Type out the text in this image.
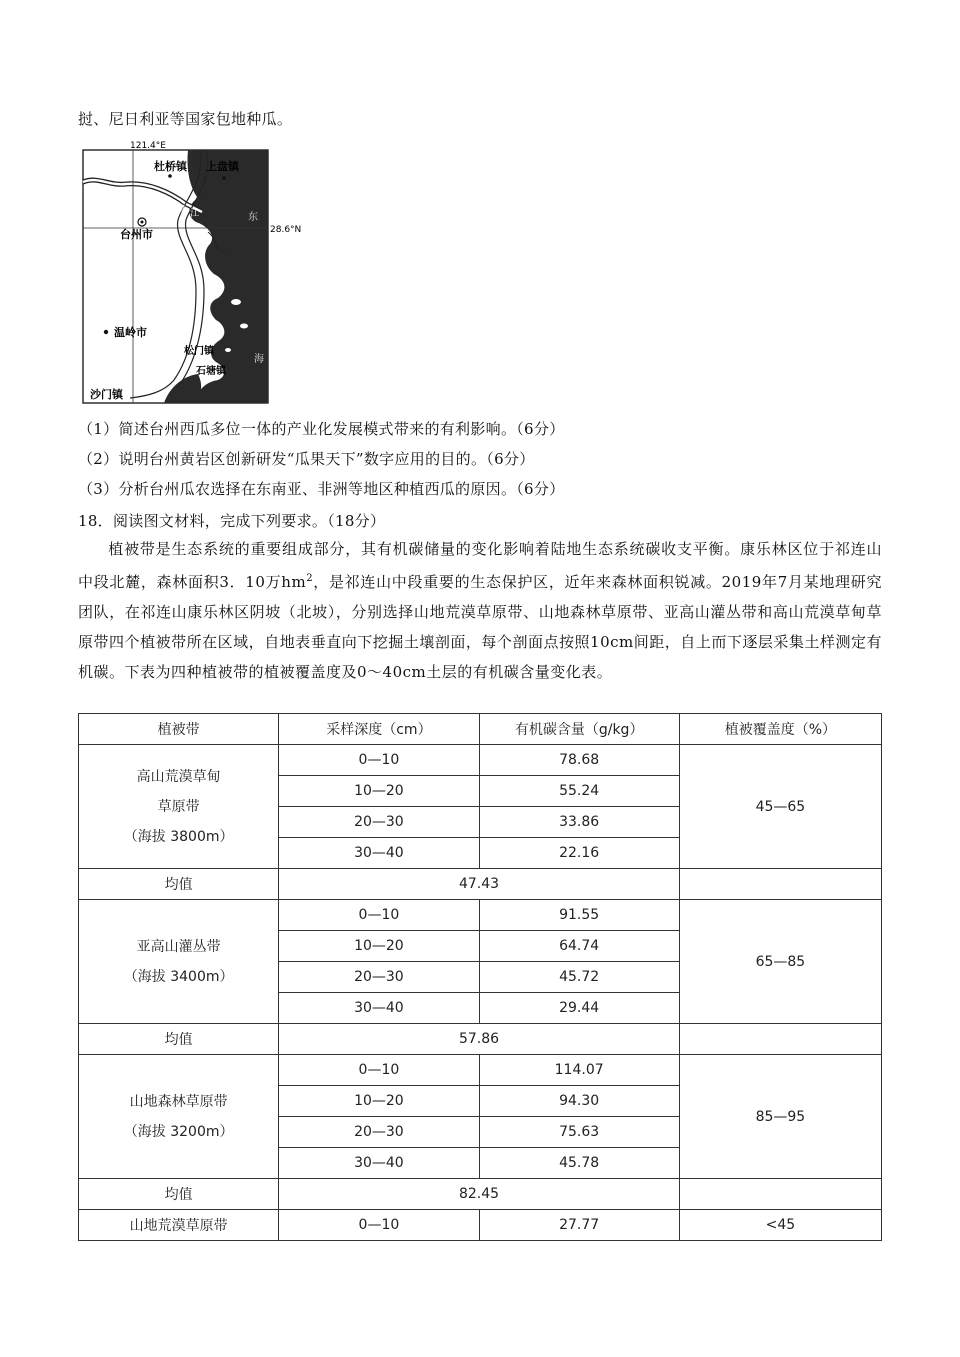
挝、尼日利亚等国家包地种瓜。
121.4°E
28.6°N
杜桥镇 上盘镇
台州市
椒 江	东
海
温岭市
松门镇
石塘镇
沙门镇
（1）简述台州西瓜多位一体的产业化发展模式带来的有利影响。（6分）
（2）说明台州黄岩区创新研发“瓜果天下”数字应用的目的。（6分）
（3）分析台州瓜农选择在东南亚、非洲等地区种植西瓜的原因。（6分）
18．阅读图文材料，完成下列要求。（18分）
植被带是生态系统的重要组成部分，其有机碳储量的变化影响着陆地生态系统碳收支平衡。康乐林区位于祁连山中段北麓，森林面积3．10万$hm^2$，是祁连山中段重要的生态保护区，近年来森林面积锐减。2019年7月某地理研究团队，在祁连山康乐林区阴坡（北坡），分别选择山地荒漠草原带、山地森林草原带、亚高山灌丛带和高山荒漠草甸草原带四个植被带所在区域，自地表垂直向下挖掘土壤剖面，每个剖面点按照10cm间距，自上而下逐层采集土样测定有机碳。下表为四种植被带的植被覆盖度及0～40cm土层的有机碳含量变化表。
植被带	采样深度（cm）	有机碳含量（g/kg）	植被覆盖度（%）

高山荒漠草甸
草原带
（海拔 3800m）	0—10	78.68	45—65
	10—20	55.24	
	20—30	33.86	
	30—40	22.16	
均值	47.43		

亚高山灌丛带
（海拔 3400m）	0—10	91.55	65—85
	10—20	64.74	
	20—30	45.72	
	30—40	29.44	
均值	57.86		

山地森林草原带
（海拔 3200m）	0—10	114.07	85—95
	10—20	94.30	
	20—30	75.63	
	30—40	45.78	
均值	82.45		
山地荒漠草原带	0—10	27.77	<45
